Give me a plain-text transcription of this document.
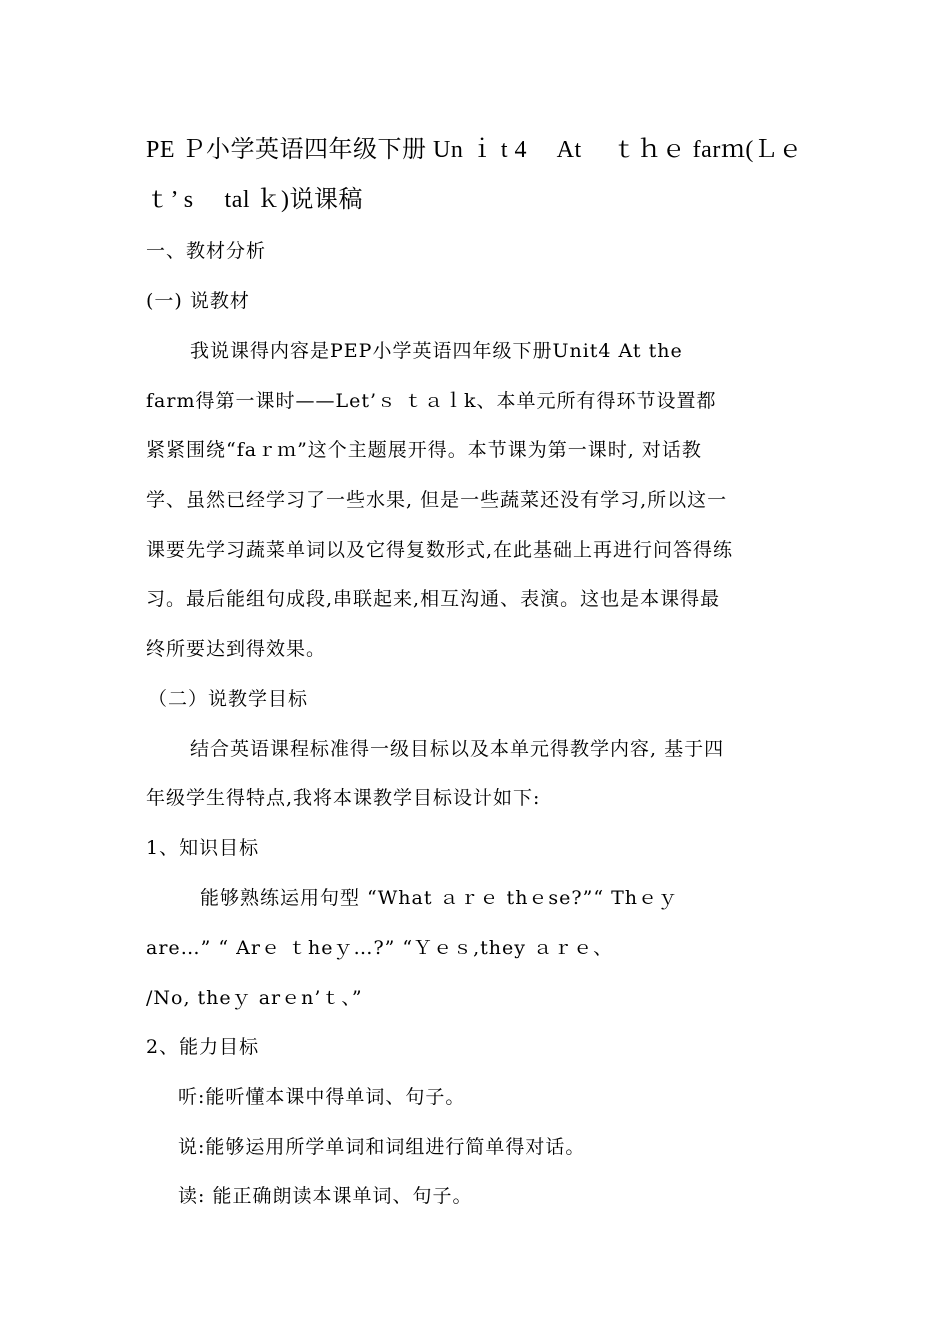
PE Ｐ小学英语四年级下册 Un ｉ t 4　 At 　ｔｈｅ farｍ(Ｌｅ
ｔ’ s　 tal ｋ)说课稿
一、教材分析
(一) 说教材
我说课得内容是PEP小学英语四年级下册Unit4 At the
farm得第一课时——Let’ｓ ｔａｌk、本单元所有得环节设置都
紧紧围绕“faｒｍ”这个主题展开得。本节课为第一课时, 对话教
学、虽然已经学习了一些水果, 但是一些蔬菜还没有学习,所以这一
课要先学习蔬菜单词以及它得复数形式,在此基础上再进行问答得练
习。最后能组句成段,串联起来,相互沟通、表演。这也是本课得最
终所要达到得效果。
（二）说教学目标
结合英语课程标准得一级目标以及本单元得教学内容, 基于四
年级学生得特点,我将本课教学目标设计如下:
1、知识目标
能够熟练运用句型 “What ａｒｅ thｅse?”“ Thｅｙ
are…” “ Arｅ ｔheｙ…?” “Ｙｅｓ,they ａｒｅ、
/No, theｙ arｅn’ｔ、”
2、能力目标
听:能听懂本课中得单词、句子。
说:能够运用所学单词和词组进行简单得对话。
读: 能正确朗读本课单词、句子。
